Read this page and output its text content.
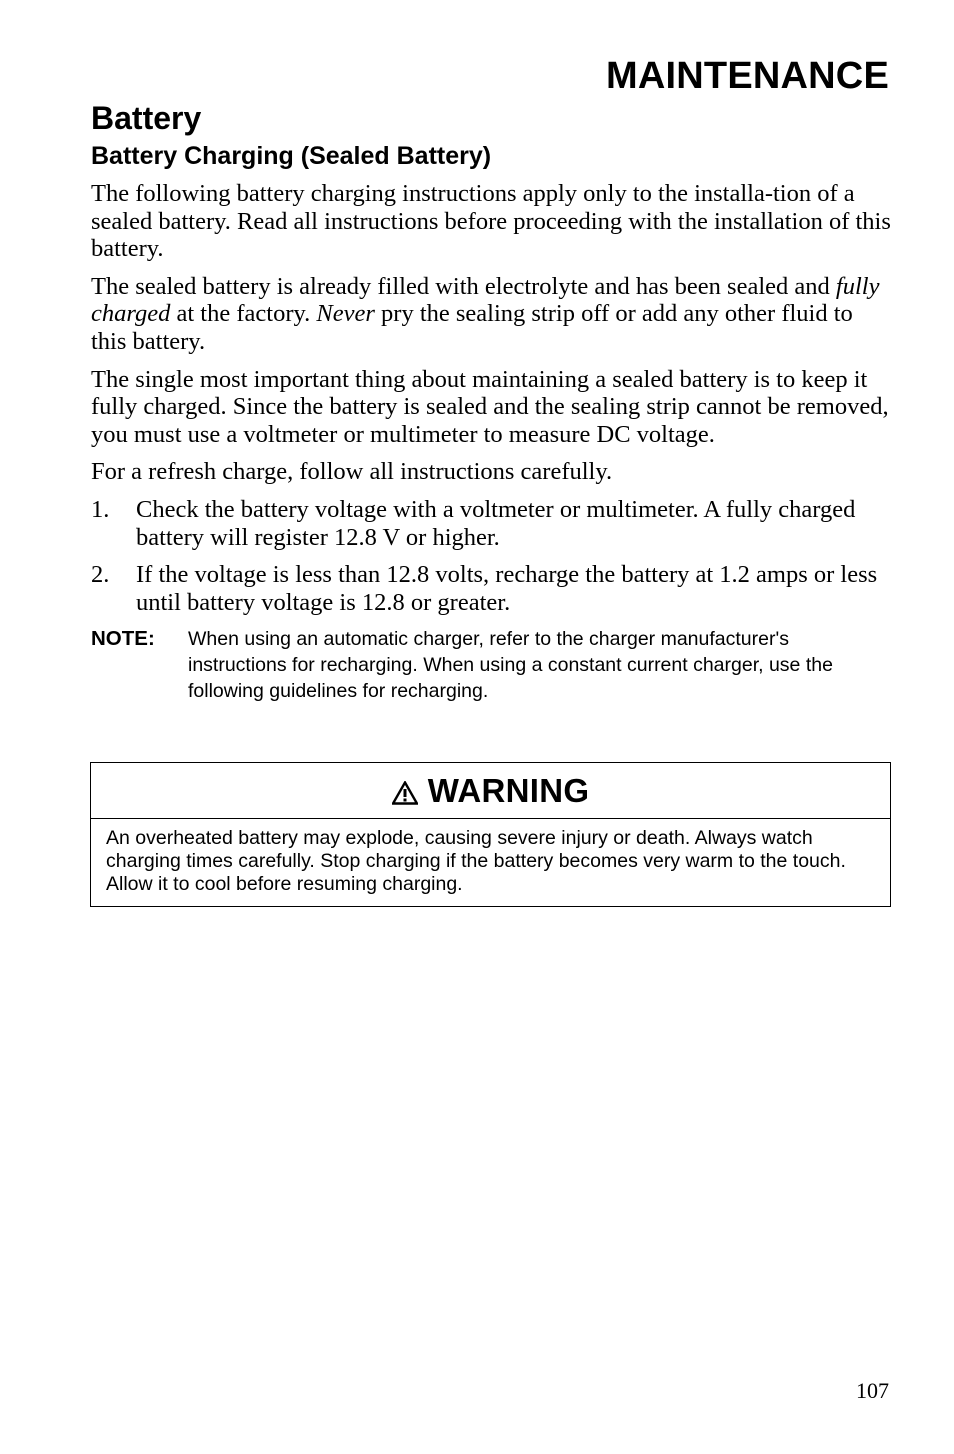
MAINTENANCE
Battery
Battery Charging (Sealed Battery)

The following battery charging instructions apply only to the installa-tion of a sealed battery. Read all instructions before proceeding with the installation of this battery.

The sealed battery is already filled with electrolyte and has been sealed and fully charged at the factory. Never pry the sealing strip off or add any other fluid to this battery.

The single most important thing about maintaining a sealed battery is to keep it fully charged. Since the battery is sealed and the sealing strip cannot be removed, you must use a voltmeter or multimeter to measure DC voltage.

For a refresh charge, follow all instructions carefully.

1. Check the battery voltage with a voltmeter or multimeter. A fully charged battery will register 12.8 V or higher.
2. If the voltage is less than 12.8 volts, recharge the battery at 1.2 amps or less until battery voltage is 12.8 or greater.
NOTE: When using an automatic charger, refer to the charger manufacturer's instructions for recharging. When using a constant current charger, use the following guidelines for recharging.
WARNING
An overheated battery may explode, causing severe injury or death. Always watch charging times carefully. Stop charging if the battery becomes very warm to the touch. Allow it to cool before resuming charging.
107
